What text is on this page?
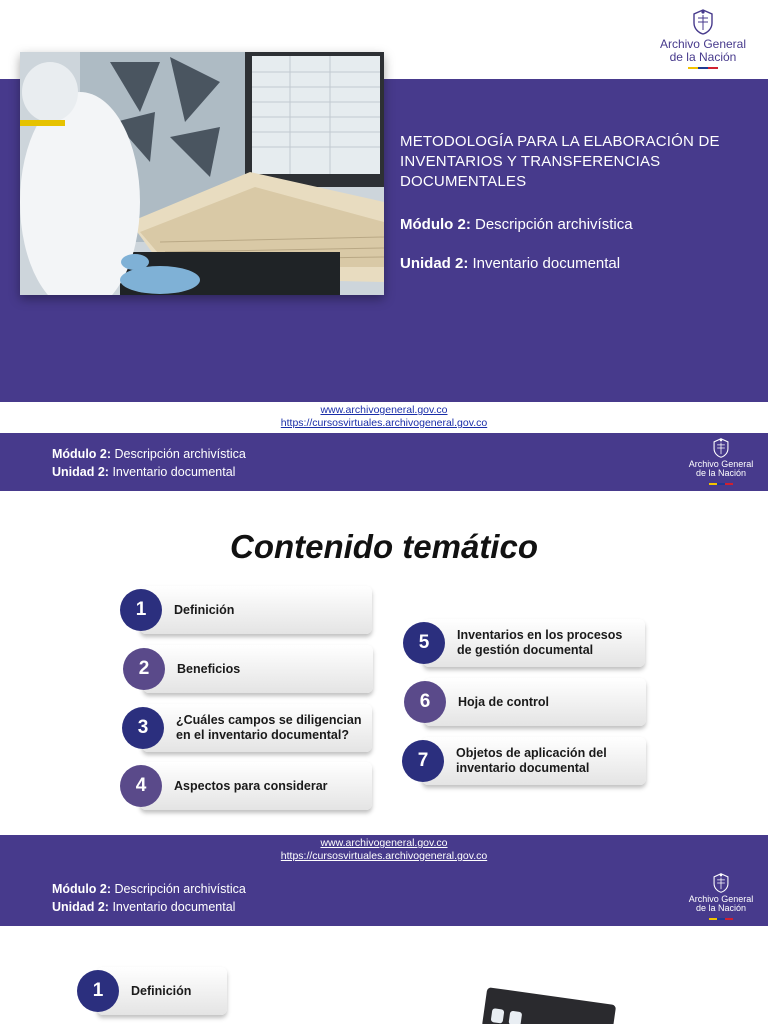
Archivo General
de la Nación
METODOLOGÍA PARA LA ELABORACIÓN DE
INVENTARIOS Y TRANSFERENCIAS
DOCUMENTALES
Módulo 2: Descripción archivística
Unidad 2: Inventario documental
www.archivogeneral.gov.co
https://cursosvirtuales.archivogeneral.gov.co
Módulo 2: Descripción archivística
Unidad 2: Inventario documental
Archivo General
de la Nación
Contenido temático
Definición
1
Beneficios
2
¿Cuáles campos se diligencian
en el inventario documental?
3
Aspectos para considerar
4
Inventarios en los procesos
de gestión documental
5
Hoja de control
6
Objetos de aplicación del
inventario documental
7
www.archivogeneral.gov.co
https://cursosvirtuales.archivogeneral.gov.co
Módulo 2: Descripción archivística
Unidad 2: Inventario documental
Archivo General
de la Nación
Definición
1
